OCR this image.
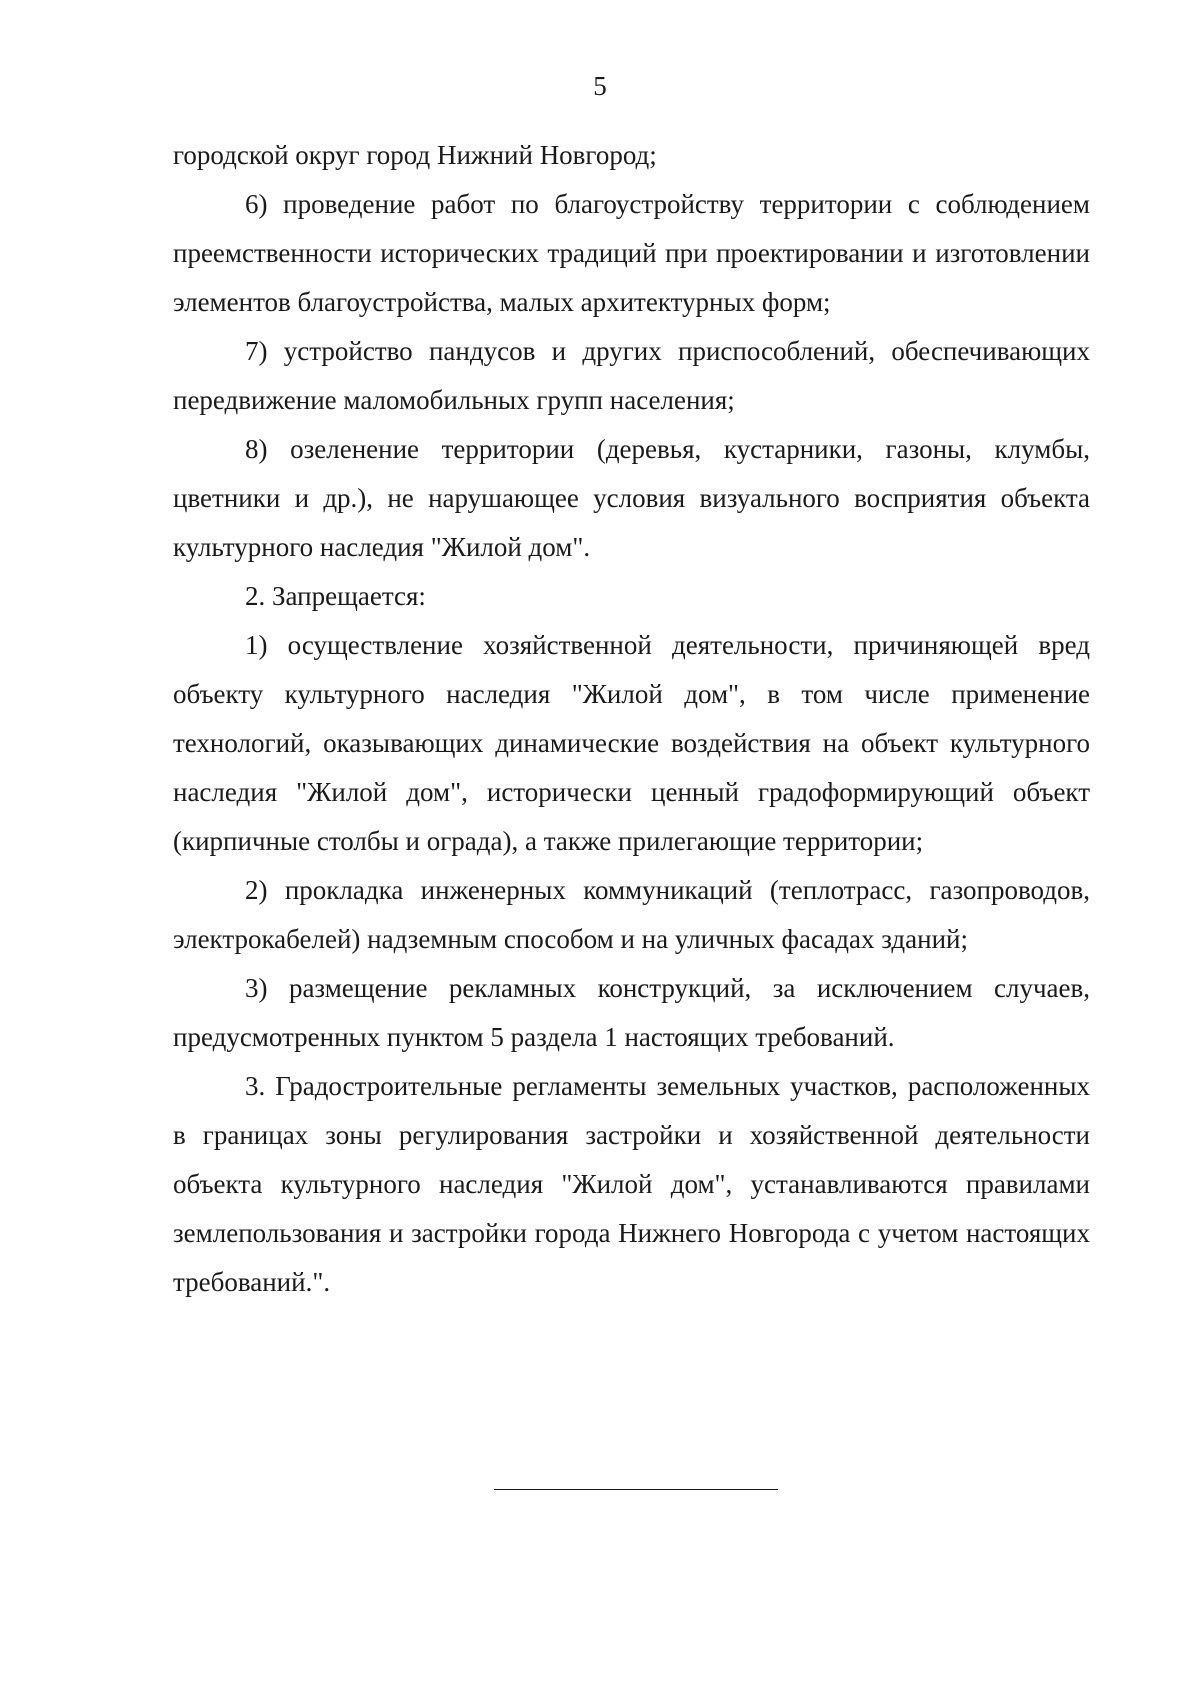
5

городской округ город Нижний Новгород;

6) проведение работ по благоустройству территории с соблюдением преемственности исторических традиций при проектировании и изготовлении элементов благоустройства, малых архитектурных форм;

7) устройство пандусов и других приспособлений, обеспечивающих передвижение маломобильных групп населения;

8) озеленение территории (деревья, кустарники, газоны, клумбы, цветники и др.), не нарушающее условия визуального восприятия объекта культурного наследия "Жилой дом".

2. Запрещается:

1) осуществление хозяйственной деятельности, причиняющей вред объекту культурного наследия "Жилой дом", в том числе применение технологий, оказывающих динамические воздействия на объект культурного наследия "Жилой дом", исторически ценный градоформирующий объект (кирпичные столбы и ограда), а также прилегающие территории;

2) прокладка инженерных коммуникаций (теплотрасс, газопроводов, электрокабелей) надземным способом и на уличных фасадах зданий;

3) размещение рекламных конструкций, за исключением случаев, предусмотренных пунктом 5 раздела 1 настоящих требований.

3. Градостроительные регламенты земельных участков, расположенных в границах зоны регулирования застройки и хозяйственной деятельности объекта культурного наследия "Жилой дом", устанавливаются правилами землепользования и застройки города Нижнего Новгорода с учетом настоящих требований.".
